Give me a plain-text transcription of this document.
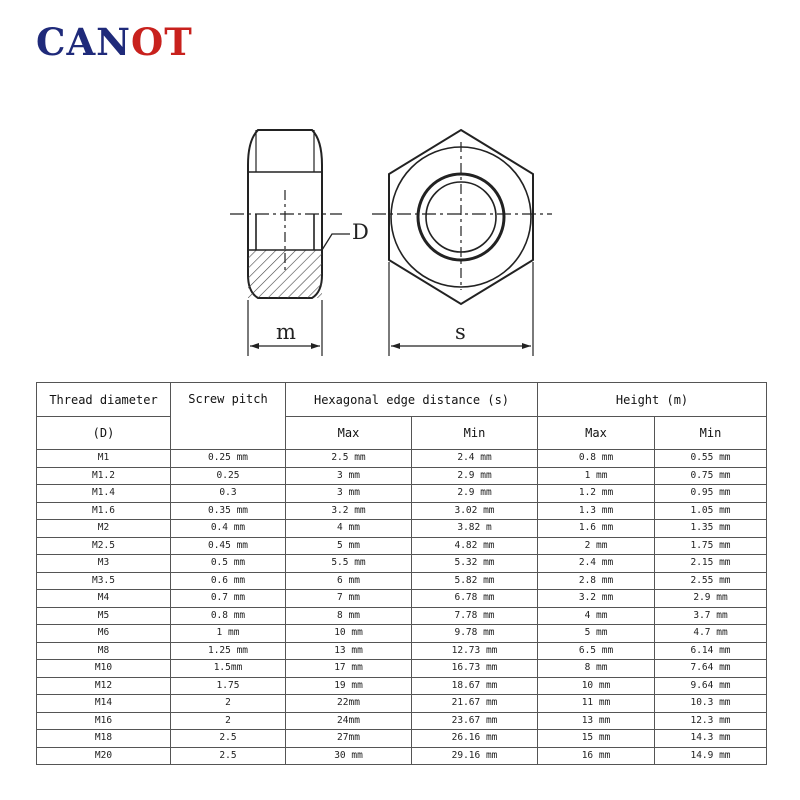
CANOT
D
m	s
Thread diameter	Screw pitch	Hexagonal edge distance (s)		Height (m)	
(D)		Max	Min	Max	Min
M1	0.25 mm	2.5 mm	2.4 mm	0.8 mm	0.55 mm
M1.2	0.25	3 mm	2.9 mm	1 mm	0.75 mm
M1.4	0.3	3 mm	2.9 mm	1.2 mm	0.95 mm
M1.6	0.35 mm	3.2 mm	3.02 mm	1.3 mm	1.05 mm
M2	0.4 mm	4 mm	3.82 m	1.6 mm	1.35 mm
M2.5	0.45 mm	5 mm	4.82 mm	2 mm	1.75 mm
M3	0.5 mm	5.5 mm	5.32 mm	2.4 mm	2.15 mm
M3.5	0.6 mm	6 mm	5.82 mm	2.8 mm	2.55 mm
M4	0.7 mm	7 mm	6.78 mm	3.2 mm	2.9 mm
M5	0.8 mm	8 mm	7.78 mm	4 mm	3.7 mm
M6	1 mm	10 mm	9.78 mm	5 mm	4.7 mm
M8	1.25 mm	13 mm	12.73 mm	6.5 mm	6.14 mm
M10	1.5mm	17 mm	16.73 mm	8 mm	7.64 mm
M12	1.75	19 mm	18.67 mm	10 mm	9.64 mm
M14	2	22mm	21.67 mm	11 mm	10.3 mm
M16	2	24mm	23.67 mm	13 mm	12.3 mm
M18	2.5	27mm	26.16 mm	15 mm	14.3 mm
M20	2.5	30 mm	29.16 mm	16 mm	14.9 mm
